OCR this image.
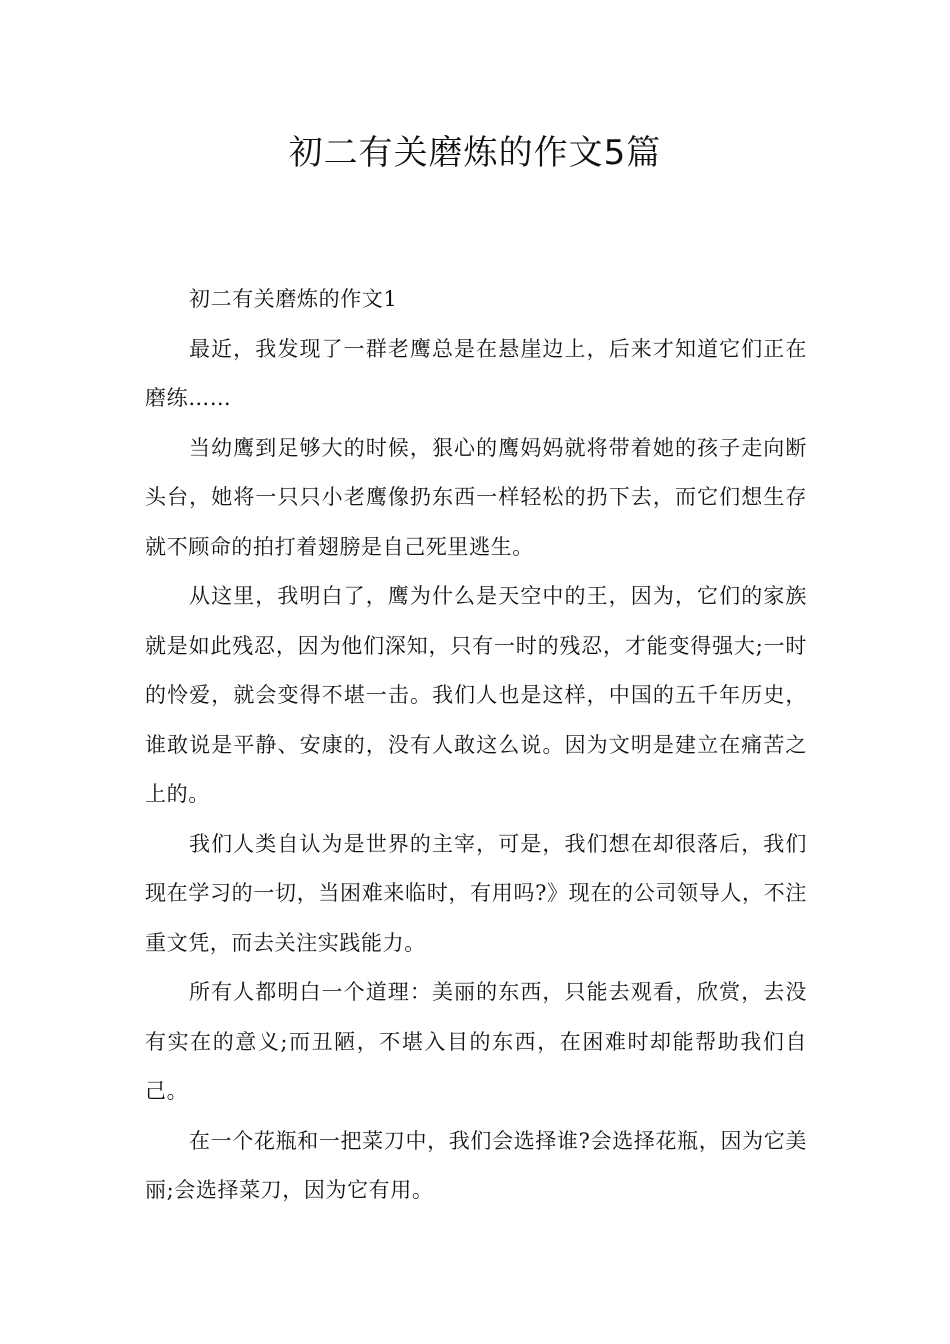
初二有关磨炼的作文5篇

初二有关磨炼的作文1

最近，我发现了一群老鹰总是在悬崖边上，后来才知道它们正在磨练……

当幼鹰到足够大的时候，狠心的鹰妈妈就将带着她的孩子走向断头台，她将一只只小老鹰像扔东西一样轻松的扔下去，而它们想生存就不顾命的拍打着翅膀是自己死里逃生。

从这里，我明白了，鹰为什么是天空中的王，因为，它们的家族就是如此残忍，因为他们深知，只有一时的残忍，才能变得强大;一时的怜爱，就会变得不堪一击。我们人也是这样，中国的五千年历史，谁敢说是平静、安康的，没有人敢这么说。因为文明是建立在痛苦之上的。

我们人类自认为是世界的主宰，可是，我们想在却很落后，我们现在学习的一切，当困难来临时，有用吗?》现在的公司领导人，不注重文凭，而去关注实践能力。

所有人都明白一个道理：美丽的东西，只能去观看，欣赏，去没有实在的意义;而丑陋，不堪入目的东西，在困难时却能帮助我们自己。

在一个花瓶和一把菜刀中，我们会选择谁?会选择花瓶，因为它美丽;会选择菜刀，因为它有用。
